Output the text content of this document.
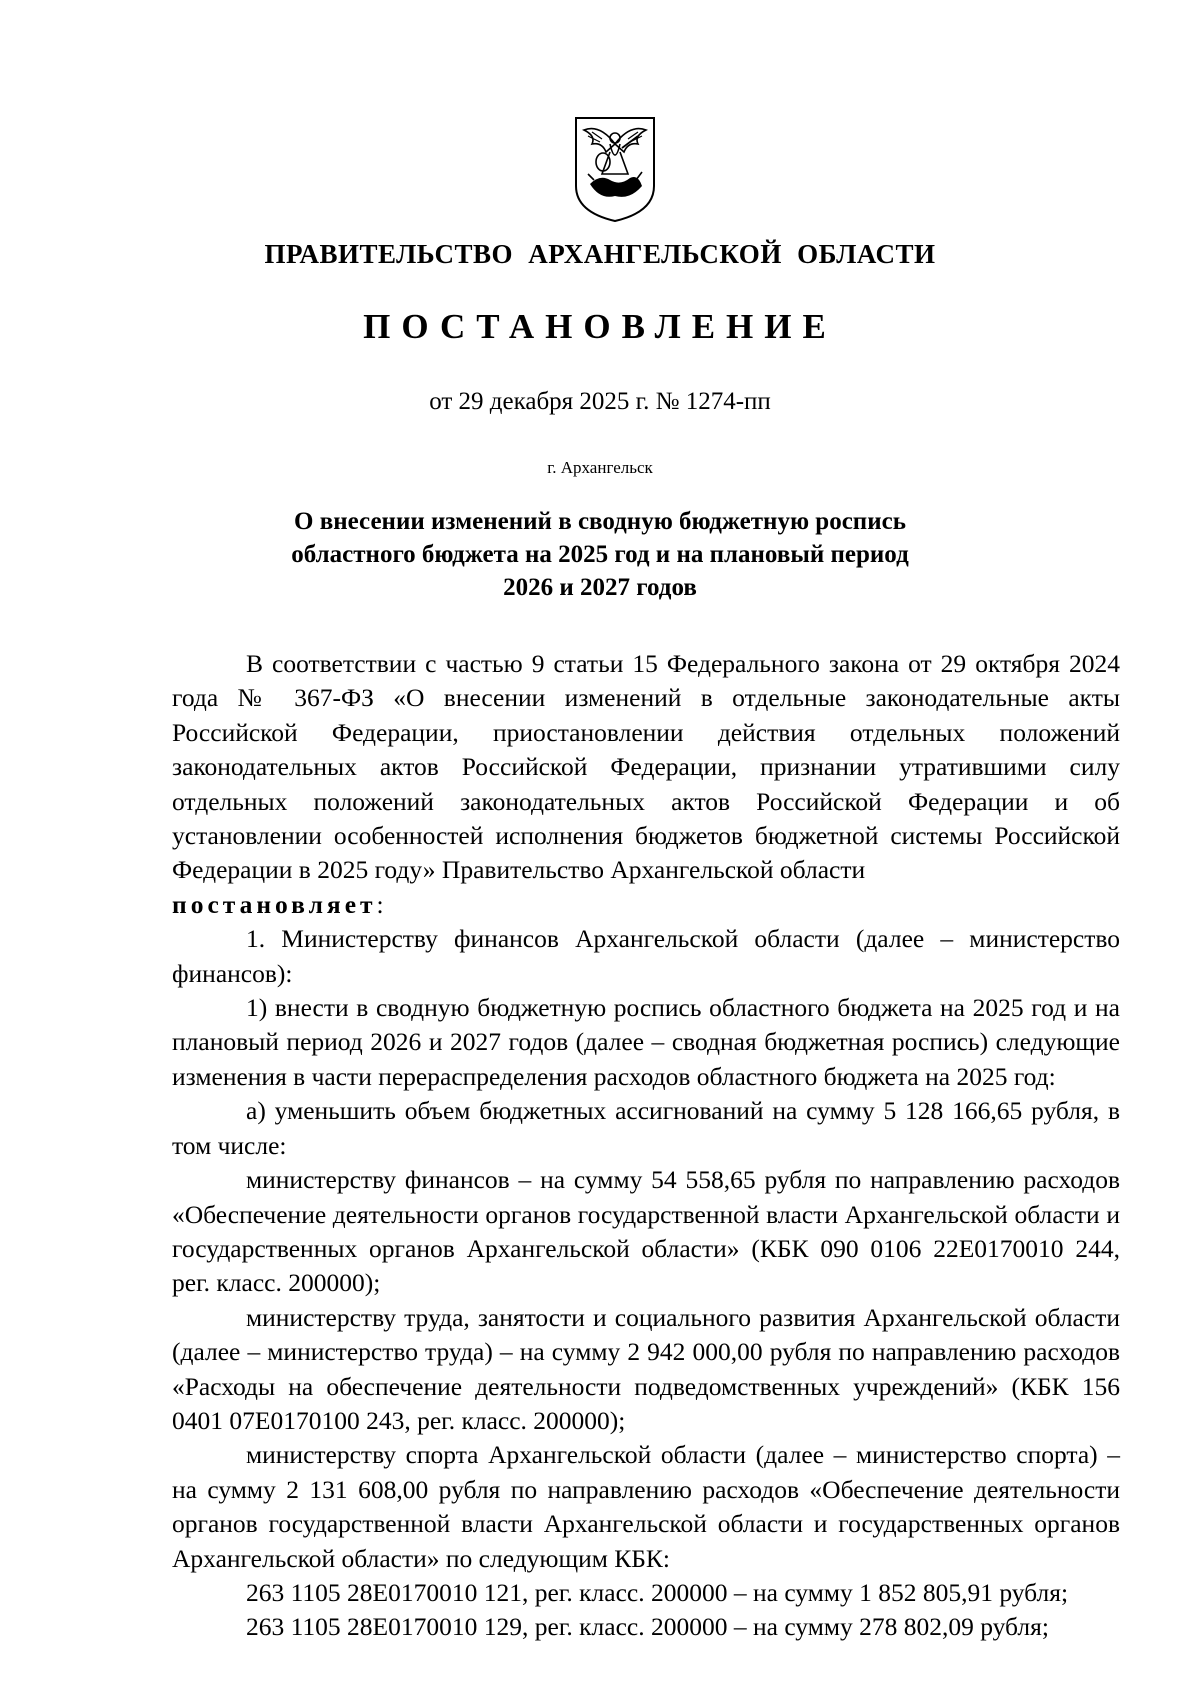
ПРАВИТЕЛЬСТВО АРХАНГЕЛЬСКОЙ ОБЛАСТИ
ПОСТАНОВЛЕНИЕ

от 29 декабря 2025 г. № 1274-пп

г. Архангельск

О внесении изменений в сводную бюджетную роспись
областного бюджета на 2025 год и на плановый период
2026 и 2027 годов

В соответствии с частью 9 статьи 15 Федерального закона от 29 октября 2024 года № 367-ФЗ «О внесении изменений в отдельные законодательные акты Российской Федерации, приостановлении действия отдельных положений законодательных актов Российской Федерации, признании утратившими силу отдельных положений законодательных актов Российской Федерации и об установлении особенностей исполнения бюджетов бюджетной системы Российской Федерации в 2025 году» Правительство Архангельской области

постановляет:

1. Министерству финансов Архангельской области (далее – министерство финансов):

1) внести в сводную бюджетную роспись областного бюджета на 2025 год и на плановый период 2026 и 2027 годов (далее – сводная бюджетная роспись) следующие изменения в части перераспределения расходов областного бюджета на 2025 год:

а) уменьшить объем бюджетных ассигнований на сумму 5 128 166,65 рубля, в том числе:

министерству финансов – на сумму 54 558,65 рубля по направлению расходов «Обеспечение деятельности органов государственной власти Архангельской области и государственных органов Архангельской области» (КБК 090 0106 22Е0170010 244, рег. класс. 200000);

министерству труда, занятости и социального развития Архангельской области (далее – министерство труда) – на сумму 2 942 000,00 рубля по направлению расходов «Расходы на обеспечение деятельности подведомственных учреждений» (КБК 156 0401 07Е0170100 243, рег. класс. 200000);

министерству спорта Архангельской области (далее – министерство спорта) – на сумму 2 131 608,00 рубля по направлению расходов «Обеспечение деятельности органов государственной власти Архангельской области и государственных органов Архангельской области» по следующим КБК:

263 1105 28Е0170010 121, рег. класс. 200000 – на сумму 1 852 805,91 рубля;

263 1105 28Е0170010 129, рег. класс. 200000 – на сумму 278 802,09 рубля;
